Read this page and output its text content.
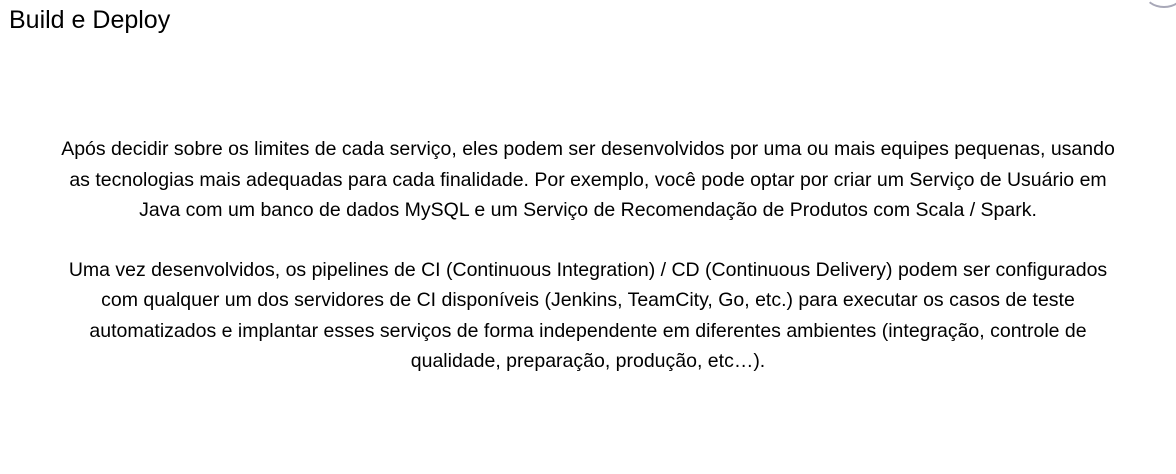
Build e Deploy

Após decidir sobre os limites de cada serviço, eles podem ser desenvolvidos por uma ou mais equipes pequenas, usando as tecnologias mais adequadas para cada finalidade. Por exemplo, você pode optar por criar um Serviço de Usuário em Java com um banco de dados MySQL e um Serviço de Recomendação de Produtos com Scala / Spark.

Uma vez desenvolvidos, os pipelines de CI (Continuous Integration) / CD (Continuous Delivery) podem ser configurados com qualquer um dos servidores de CI disponíveis (Jenkins, TeamCity, Go, etc.) para executar os casos de teste automatizados e implantar esses serviços de forma independente em diferentes ambientes (integração, controle de qualidade, preparação, produção, etc…).
